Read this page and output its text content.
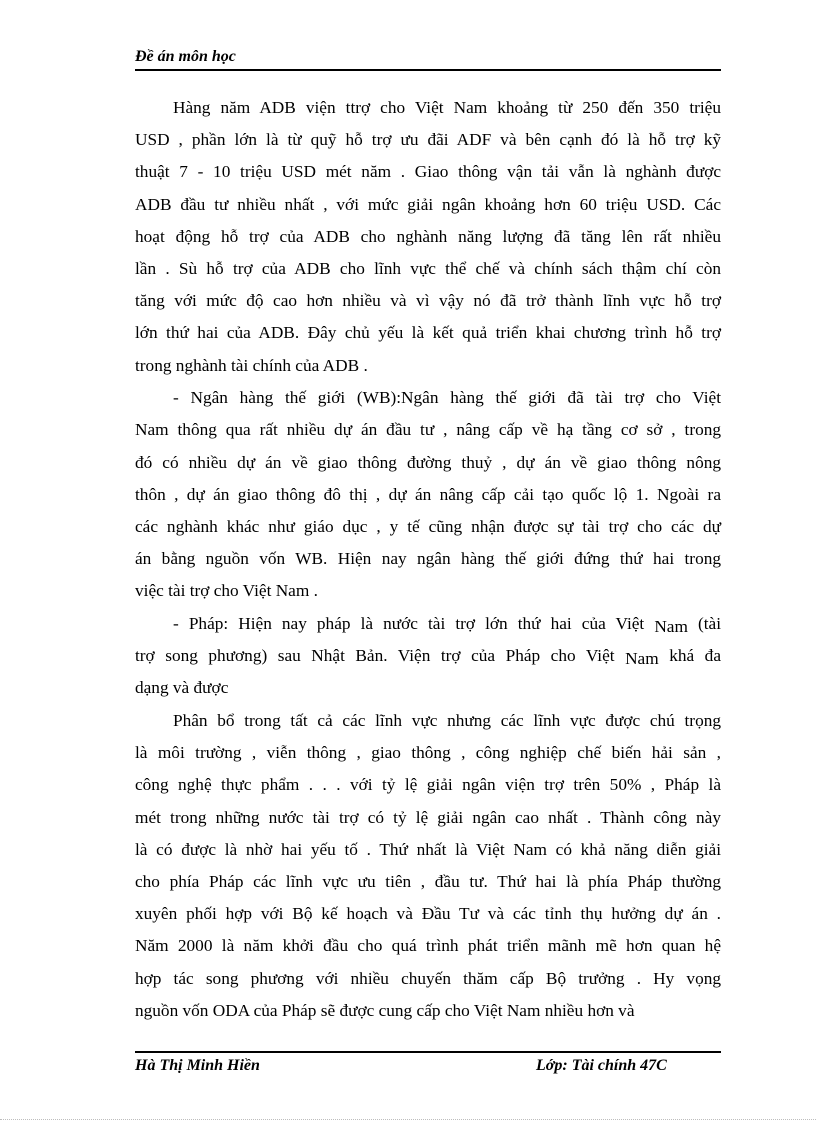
Đề án môn học
Hàng năm ADB viện ttrợ cho Việt Nam khoảng từ 250 đến 350 triệu
USD , phần lớn là từ quỹ hỗ trợ ưu đãi ADF và bên cạnh đó là hỗ trợ kỹ
thuật 7 - 10 triệu USD mét năm . Giao thông vận tải vẫn là nghành được
ADB đầu tư nhiều nhất , với mức giải ngân khoảng hơn 60 triệu USD. Các
hoạt động hỗ trợ của ADB cho nghành năng lượng đã tăng lên rất nhiều
lần . Sù hỗ trợ của ADB cho lĩnh vực thể chế và chính sách thậm chí còn
tăng với mức độ cao hơn nhiều và vì vậy nó đã trở thành lĩnh vực hỗ trợ
lớn thứ hai của ADB. Đây chủ yếu là kết quả triển khai chương trình hỗ trợ
trong nghành tài chính của ADB .
- Ngân hàng thế giới (WB):Ngân hàng thế giới đã tài trợ cho Việt
Nam thông qua rất nhiều dự án đầu tư , nâng cấp về hạ tầng cơ sở , trong
đó có nhiều dự án về giao thông đường thuỷ , dự án về giao thông nông
thôn , dự án giao thông đô thị , dự án nâng cấp cải tạo quốc lộ 1. Ngoài ra
các nghành khác như giáo dục , y tế cũng nhận được sự tài trợ cho các dự
án bằng nguồn vốn WB. Hiện nay ngân hàng thế giới đứng thứ hai trong
việc tài trợ cho Việt Nam .
- Pháp: Hiện nay pháp là nước tài trợ lớn thứ hai của Việt Nam (tài
trợ song phương) sau Nhật Bản. Viện trợ của Pháp cho Việt Nam khá đa
dạng và được
Phân bổ trong tất cả các lĩnh vực nhưng các lĩnh vực được chú trọng
là môi trường , viễn thông , giao thông , công nghiệp chế biến hải sản ,
công nghệ thực phẩm . . . với tỷ lệ giải ngân viện trợ trên 50% , Pháp là
mét trong những nước tài trợ có tỷ lệ giải ngân cao nhất . Thành công này
là có được là nhờ hai yếu tố . Thứ nhất là Việt Nam có khả năng diễn giải
cho phía Pháp các lĩnh vực ưu tiên , đầu tư. Thứ hai là phía Pháp thường
xuyên phối hợp với Bộ kế hoạch và Đầu Tư và các tỉnh thụ hưởng dự án .
Năm 2000 là năm khởi đầu cho quá trình phát triển mãnh mẽ hơn quan hệ
hợp tác song phương với nhiều chuyến thăm cấp Bộ trưởng . Hy vọng
nguồn vốn ODA của Pháp sẽ được cung cấp cho Việt Nam nhiều hơn và
Hà Thị Minh Hiền	Lớp: Tài chính 47C
